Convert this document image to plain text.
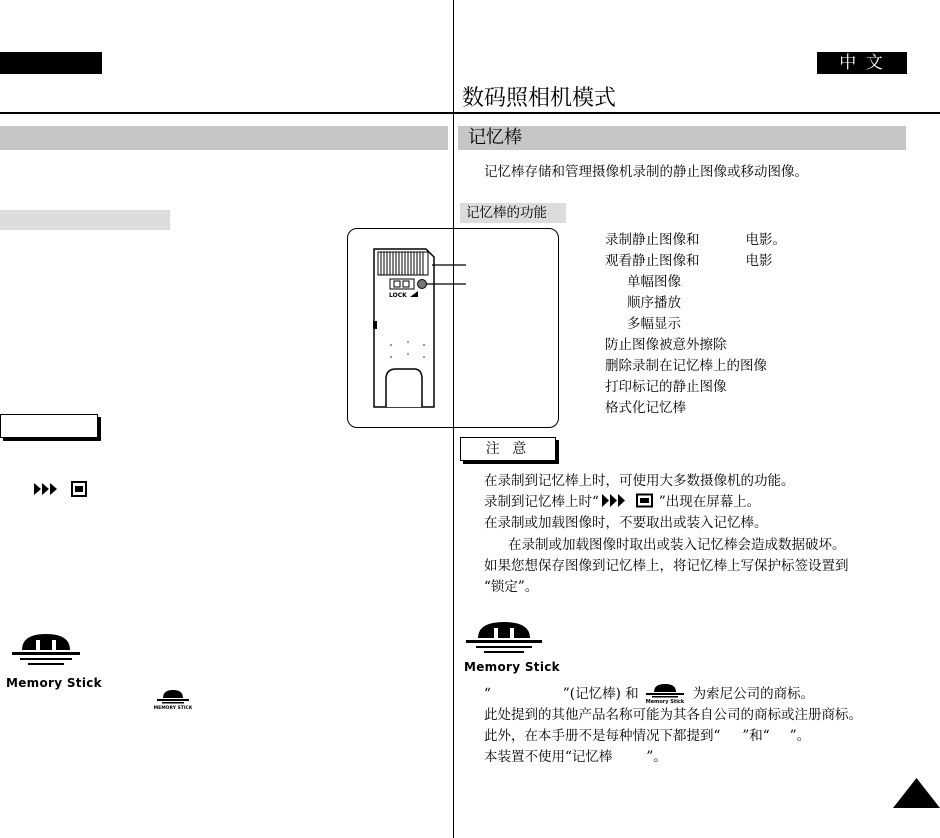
Memory Stick
MEMORY STICK
中 文
数码照相机模式
记忆棒
记忆棒存储和管理摄像机录制的静止图像或移动图像。
记忆棒的功能
LOCK
录制静止图像和	电影。
观看静止图像和	电影
单幅图像
顺序播放
多幅显示
防止图像被意外擦除
删除录制在记忆棒上的图像
打印标记的静止图像
格式化记忆棒
注 意
在录制到记忆棒上时，可使用大多数摄像机的功能。
录制到记忆棒上时“	”出现在屏幕上。
在录制或加载图像时，不要取出或装入记忆棒。
在录制或加载图像时取出或装入记忆棒会造成数据破坏。
如果您想保存图像到记忆棒上，将记忆棒上写保护标签设置到
“锁定”。
Memory Stick
“	”(记忆棒) 和 Memory Stick 为索尼公司的商标。
此处提到的其他产品名称可能为其各自公司的商标或注册商标。
此外，在本手册不是每种情况下都提到“ ”和“ ”。
本装置不使用“记忆棒	”。
